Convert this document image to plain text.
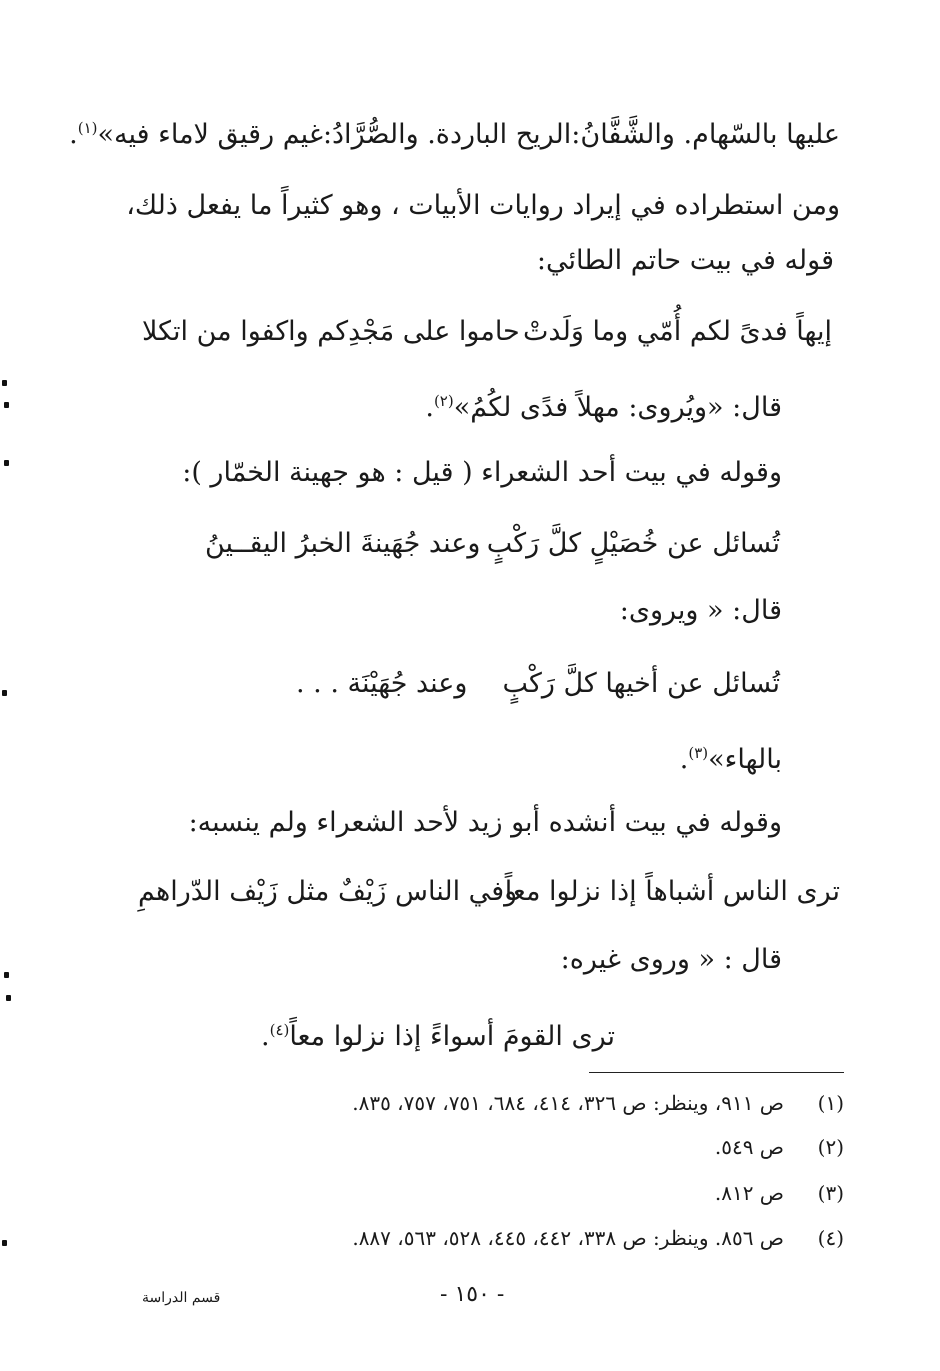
عليها بالسّهام. والشَّفَّانُ:الريح الباردة. والصُّرَّادُ:غيم رقيق لاماء فيه»$^{(١)}$.
ومن استطراده في إيراد روايات الأبيات ، وهو كثيراً ما يفعل ذلك،
قوله في بيت حاتم الطائي:
إيهاً فدىً لكم أُمّي وما وَلَدتْ
حاموا على مَجْدِكم واكفوا من اتكلا
قال: «ويُروى: مهلاً فدًى لكُمُ»$^{(٢)}$.
وقوله في بيت أحد الشعراء ( قيل : هو جهينة الخمّار ):
تُسائل عن خُصَيْلٍ كلَّ رَكْبٍ
وعند جُهَينةَ الخبرُ اليقــينُ
قال: « ويروى:
تُسائل عن أخيها كلَّ رَكْبٍ
وعند جُهَيْنَة . . .
بالهاء»$^{(٣)}$.
وقوله في بيت أنشده أبو زيد لأحد الشعراء ولم ينسبه:
ترى الناس أشباهاً إذا نزلوا معاً
وفي الناس زَيْفٌ مثل زَيْف الدّراهمِ
قال : « وروى غيره:
ترى القومَ أسواءً إذا نزلوا معاً$^{(٤)}$.
(١)ص ٩١١، وينظر: ص ٣٢٦، ٤١٤، ٦٨٤، ٧٥١، ٧٥٧، ٨٣٥.
(٢)ص ٥٤٩.
(٣)ص ٨١٢.
(٤)ص ٨٥٦. وينظر: ص ٣٣٨، ٤٤٢، ٤٤٥، ٥٢٨، ٥٦٣، ٨٨٧.
- ١٥٠ -
قسم الدراسة
